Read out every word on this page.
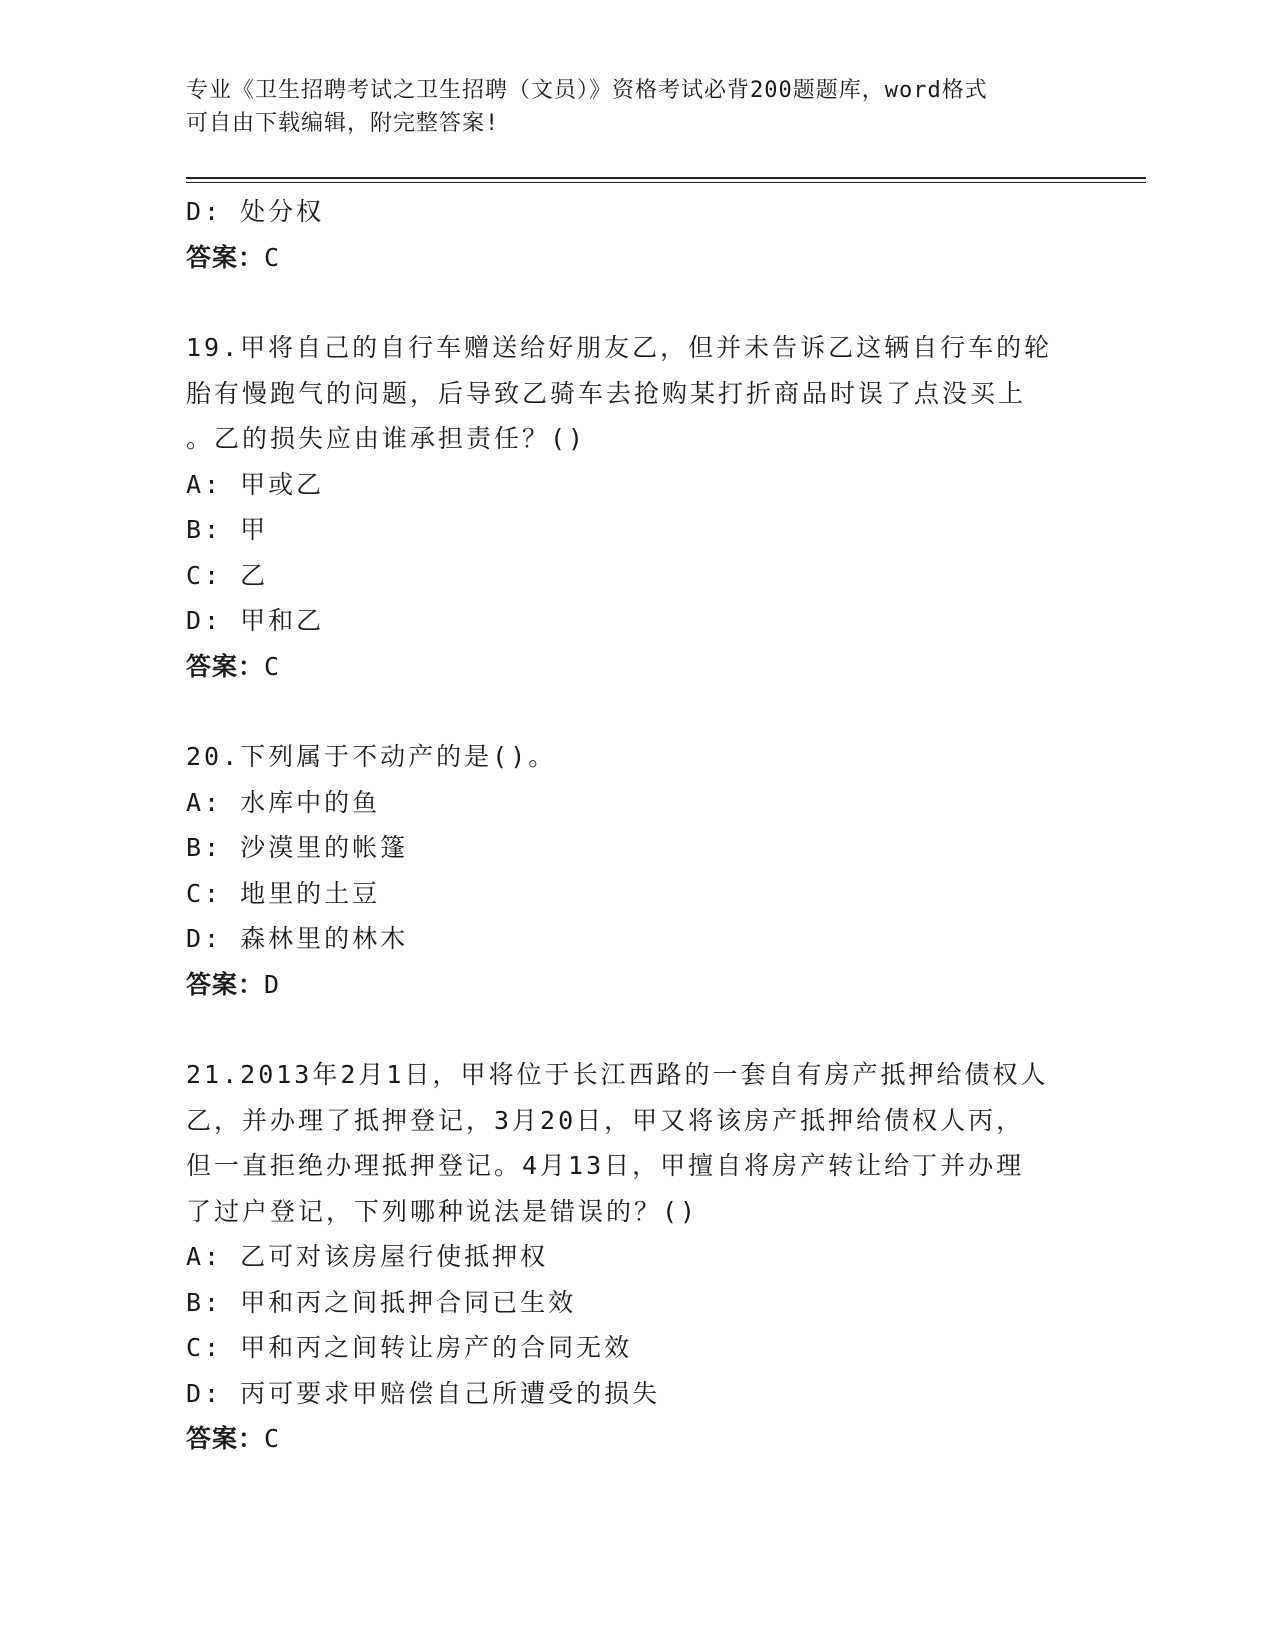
专业《卫生招聘考试之卫生招聘（文员）》资格考试必背200题题库，word格式
可自由下载编辑，附完整答案!
D: 处分权
答案：C
19.甲将自己的自行车赠送给好朋友乙，但并未告诉乙这辆自行车的轮
胎有慢跑气的问题，后导致乙骑车去抢购某打折商品时误了点没买上
。乙的损失应由谁承担责任？()
A: 甲或乙
B: 甲
C: 乙
D: 甲和乙
答案：C
20.下列属于不动产的是()。
A: 水库中的鱼
B: 沙漠里的帐篷
C: 地里的土豆
D: 森林里的林木
答案：D
21.2013年2月1日，甲将位于长江西路的一套自有房产抵押给债权人
乙，并办理了抵押登记，3月20日，甲又将该房产抵押给债权人丙，
但一直拒绝办理抵押登记。4月13日，甲擅自将房产转让给丁并办理
了过户登记，下列哪种说法是错误的？()
A: 乙可对该房屋行使抵押权
B: 甲和丙之间抵押合同已生效
C: 甲和丙之间转让房产的合同无效
D: 丙可要求甲赔偿自己所遭受的损失
答案：C
